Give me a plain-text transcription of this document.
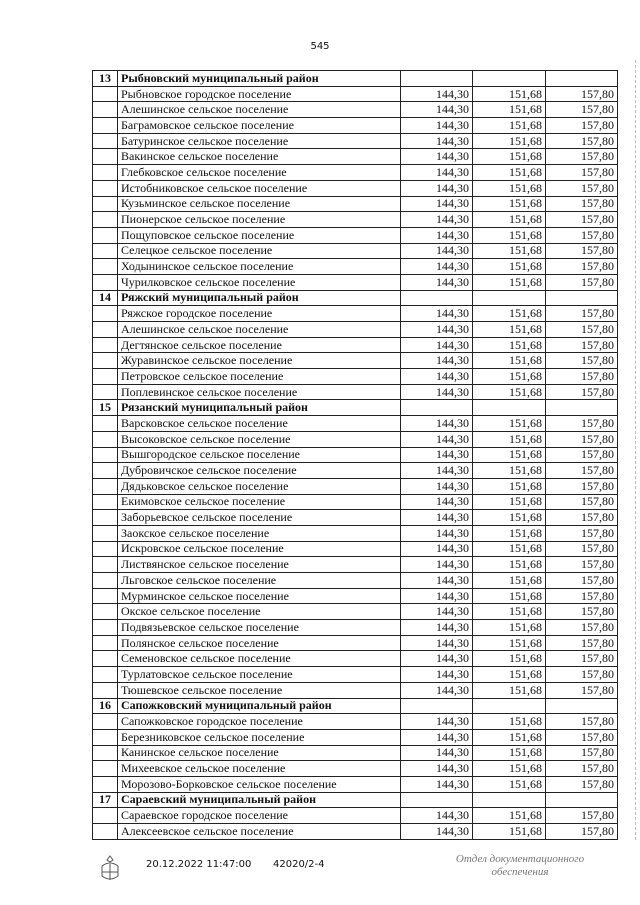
545
13	Рыбновский муниципальный район			
	Рыбновское городское поселение	144,30	151,68	157,80
	Алешинское сельское поселение	144,30	151,68	157,80
	Баграмовское сельское поселение	144,30	151,68	157,80
	Батуринское сельское поселение	144,30	151,68	157,80
	Вакинское сельское поселение	144,30	151,68	157,80
	Глебковское сельское поселение	144,30	151,68	157,80
	Истобниковское сельское поселение	144,30	151,68	157,80
	Кузьминское сельское поселение	144,30	151,68	157,80
	Пионерское сельское поселение	144,30	151,68	157,80
	Пощуповское сельское поселение	144,30	151,68	157,80
	Селецкое сельское поселение	144,30	151,68	157,80
	Ходынинское сельское поселение	144,30	151,68	157,80
	Чурилковское сельское поселение	144,30	151,68	157,80
14	Ряжский муниципальный район			
	Ряжское городское поселение	144,30	151,68	157,80
	Алешинское сельское поселение	144,30	151,68	157,80
	Дегтянское сельское поселение	144,30	151,68	157,80
	Журавинское сельское поселение	144,30	151,68	157,80
	Петровское сельское поселение	144,30	151,68	157,80
	Поплевинское сельское поселение	144,30	151,68	157,80
15	Рязанский муниципальный район			
	Варсковское сельское поселение	144,30	151,68	157,80
	Высоковское сельское поселение	144,30	151,68	157,80
	Вышгородское сельское поселение	144,30	151,68	157,80
	Дубровичское сельское поселение	144,30	151,68	157,80
	Дядьковское сельское поселение	144,30	151,68	157,80
	Екимовское сельское поселение	144,30	151,68	157,80
	Заборьевское сельское поселение	144,30	151,68	157,80
	Заокское сельское поселение	144,30	151,68	157,80
	Искровское сельское поселение	144,30	151,68	157,80
	Листвянское сельское поселение	144,30	151,68	157,80
	Льговское сельское поселение	144,30	151,68	157,80
	Мурминское сельское поселение	144,30	151,68	157,80
	Окское сельское поселение	144,30	151,68	157,80
	Подвязьевское сельское поселение	144,30	151,68	157,80
	Полянское сельское поселение	144,30	151,68	157,80
	Семеновское сельское поселение	144,30	151,68	157,80
	Турлатовское сельское поселение	144,30	151,68	157,80
	Тюшевское сельское поселение	144,30	151,68	157,80
16	Сапожковский муниципальный район			
	Сапожковское городское поселение	144,30	151,68	157,80
	Березниковское сельское поселение	144,30	151,68	157,80
	Канинское сельское поселение	144,30	151,68	157,80
	Михеевское сельское поселение	144,30	151,68	157,80
	Морозово-Борковское сельское поселение	144,30	151,68	157,80
17	Сараевский муниципальный район			
	Сараевское городское поселение	144,30	151,68	157,80
	Алексеевское сельское поселение	144,30	151,68	157,80
20.12.2022 11:47:00 42020/2-4	Отдел документационного
обеспечения
